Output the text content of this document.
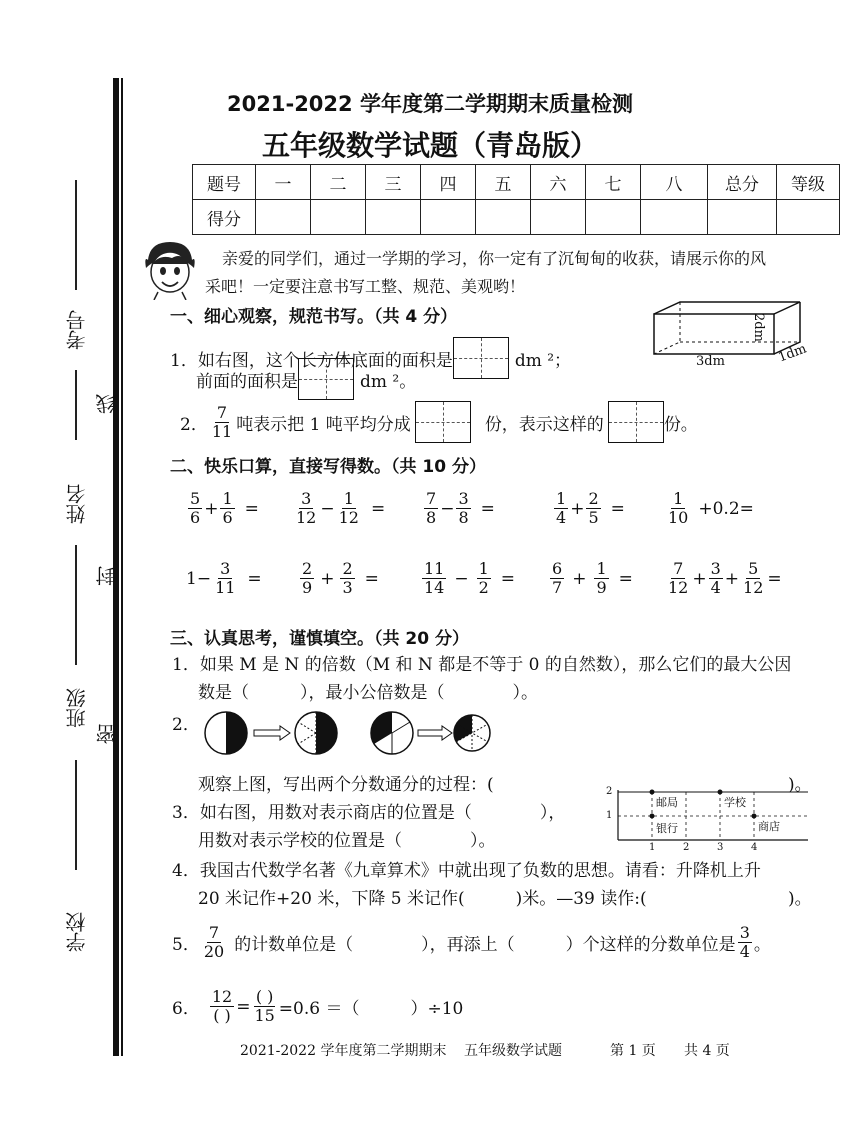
考号
线
姓名
封
班级
密
学校
2021-2022 学年度第二学期期末质量检测
五年级数学试题（青岛版）
题号	一	二	三	四	五	六	七	八	总分	等级
得分										
亲爱的同学们，通过一学期的学习，你一定有了沉甸甸的收获，请展示你的风
采吧！一定要注意书写工整、规范、美观哟！
一、细心观察，规范书写。（共 4 分）	2dm
3dm	1dm
1．如右图，这个长方体底面的面积是	dm ²；
前面的面积是	dm ²。
2． $\frac{7}{11}$ 吨表示把 1 吨平均分成	份，表示这样的	份。
二、快乐口算，直接写得数。（共 10 分）
$\frac{5}{6} + \frac{1}{6} = \frac{3}{12} - \frac{1}{12} = \frac{7}{8} - \frac{3}{8}$ =	$\frac{1}{4} + \frac{2}{5}$ =	$\frac{1}{10} +0.2=$
$1- \frac{3}{11} = \frac{2}{9} + \frac{2}{3}$ =	$\frac{11}{14} - \frac{1}{2} = \frac{6}{7} + \frac{1}{9} = \frac{7}{12} + \frac{3}{4} + \frac{5}{12}$ =
三、认真思考，谨慎填空。（共 20 分）
1．如果 M 是 N 的倍数（M 和 N 都是不等于 0 的自然数），那么它们的最大公因
数是（　　　），最小公倍数是（　　　　）。
2．
观察上图，写出两个分数通分的过程：(	)。
2
1
1	2	3	4
邮局	学校
银行	商店
3．如右图，用数对表示商店的位置是（　　　　），
用数对表示学校的位置是（　　　　）。
4．我国古代数学名著《九章算术》中就出现了负数的思想。请看：升降机上升
20 米记作+20 米，下降 5 米记作(　　　)米。—39 读作:(	)。
5． $\frac{7}{20}$ 的计数单位是（　　　　），再添上（　　　）个这样的分数单位是 $\frac{3}{4}$ 。
6． $\frac{12}{( )} = \frac{( )}{15} =0.6$ ＝（　　　）÷10
2021-2022 学年度第二学期期末 五年级数学试题	第 1 页 共 4 页
